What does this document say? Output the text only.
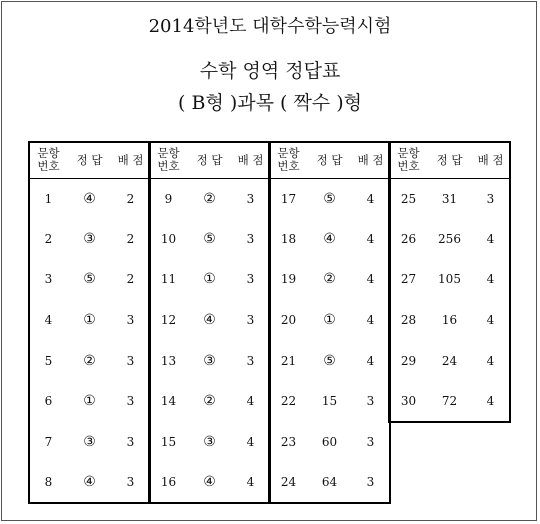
2014학년도 대학수학능력시험
수학 영역 정답표
( B형 )과목 ( 짝수 )형
문항
번호	정 답	배 점
1	④	2
2	③	2
3	⑤	2
4	①	3
5	②	3
6	①	3
7	③	3
8	④	3
문항
번호	정 답	배 점
9	②	3
10	⑤	3
11	①	3
12	④	3
13	③	3
14	②	4
15	③	4
16	④	4
문항
번호	정 답	배 점
17	⑤	4
18	④	4
19	②	4
20	①	4
21	⑤	4
22	15	3
23	60	3
24	64	3
문항
번호	정 답	배 점
25	31	3
26	256	4
27	105	4
28	16	4
29	24	4
30	72	4
